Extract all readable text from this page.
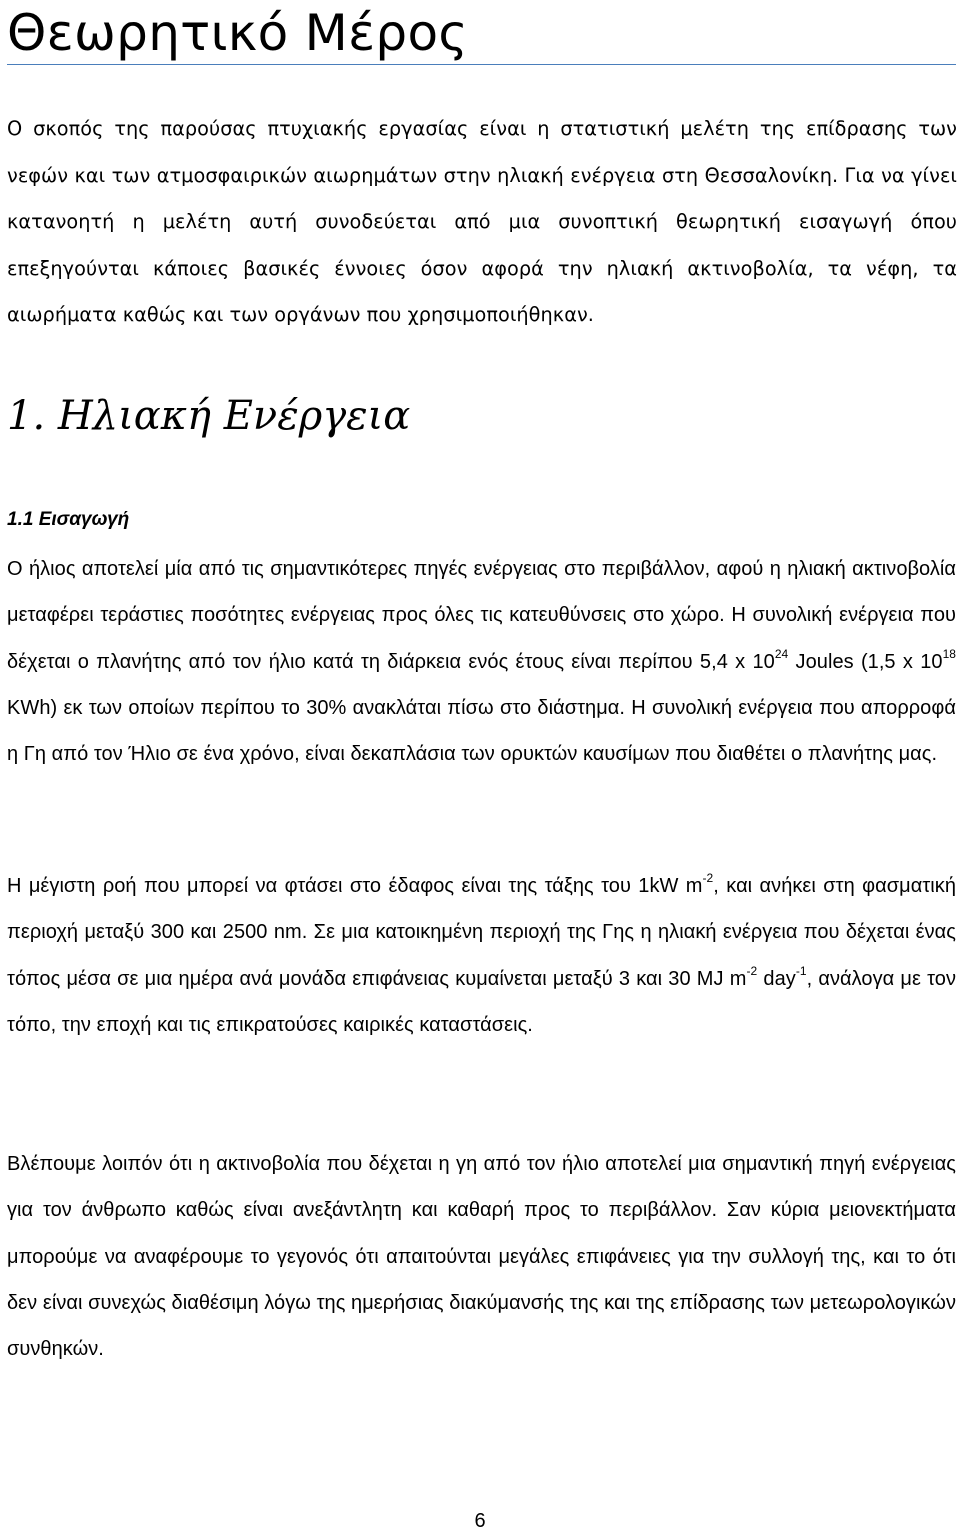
Θεωρητικό Μέρος

Ο σκοπός της παρούσας πτυχιακής εργασίας είναι η στατιστική μελέτη της επίδρασης των νεφών και των ατμοσφαιρικών αιωρημάτων στην ηλιακή ενέργεια στη Θεσσαλονίκη. Για να γίνει κατανοητή η μελέτη αυτή συνοδεύεται από μια συνοπτική θεωρητική εισαγωγή όπου επεξηγούνται κάποιες βασικές έννοιες όσον αφορά την ηλιακή ακτινοβολία, τα νέφη, τα αιωρήματα καθώς και των οργάνων που χρησιμοποιήθηκαν.

1. Ηλιακή Ενέργεια
1.1 Εισαγωγή

Ο ήλιος αποτελεί μία από τις σημαντικότερες πηγές ενέργειας στο περιβάλλον, αφού η ηλιακή ακτινοβολία μεταφέρει τεράστιες ποσότητες ενέργειας προς όλες τις κατευθύνσεις στο χώρο. Η συνολική ενέργεια που δέχεται ο πλανήτης από τον ήλιο κατά τη διάρκεια ενός έτους είναι περίπου 5,4 x $10^{24}$ Joules (1,5 x $10^{18}$ KWh) εκ των οποίων περίπου το 30% ανακλάται πίσω στο διάστημα. Η συνολική ενέργεια που απορροφά η Γη από τον Ήλιο σε ένα χρόνο, είναι δεκαπλάσια των ορυκτών καυσίμων που διαθέτει ο πλανήτης μας.

Η μέγιστη ροή που μπορεί να φτάσει στο έδαφος είναι της τάξης του 1kW $m^{-2}$, και ανήκει στη φασματική περιοχή μεταξύ 300 και 2500 nm. Σε μια κατοικημένη περιοχή της Γης η ηλιακή ενέργεια που δέχεται ένας τόπος μέσα σε μια ημέρα ανά μονάδα επιφάνειας κυμαίνεται μεταξύ 3 και 30 MJ $m^{-2}$ day$^{-1}$, ανάλογα με τον τόπο, την εποχή και τις επικρατούσες καιρικές καταστάσεις.

Βλέπουμε λοιπόν ότι η ακτινοβολία που δέχεται η γη από τον ήλιο αποτελεί μια σημαντική πηγή ενέργειας για τον άνθρωπο καθώς είναι ανεξάντλητη και καθαρή προς το περιβάλλον. Σαν κύρια μειονεκτήματα μπορούμε να αναφέρουμε το γεγονός ότι απαιτούνται μεγάλες επιφάνειες για την συλλογή της, και το ότι δεν είναι συνεχώς διαθέσιμη λόγω της ημερήσιας διακύμανσής της και της επίδρασης των μετεωρολογικών συνθηκών.

6
